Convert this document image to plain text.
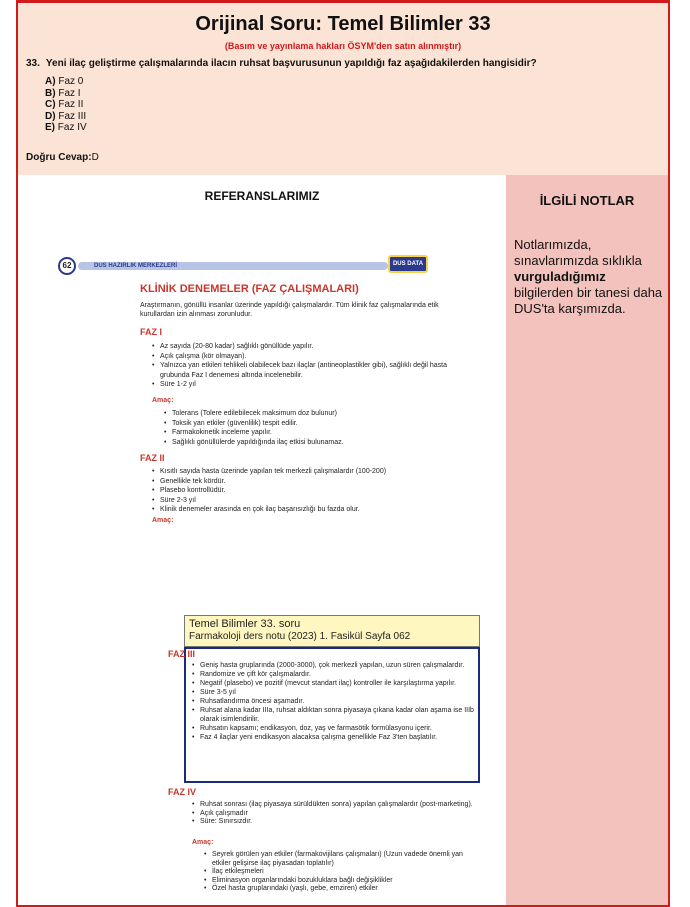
Orijinal Soru: Temel Bilimler 33
(Basım ve yayınlama hakları ÖSYM'den satın alınmıştır)
33. Yeni ilaç geliştirme çalışmalarında ilacın ruhsat başvurusunun yapıldığı faz aşağıdakilerden hangisidir?
A) Faz 0
B) Faz I
C) Faz II
D) Faz III
E) Faz IV
Doğru Cevap:D
REFERANSLARIMIZ
62	DUS HAZIRLIK MERKEZLERİ	DUS DATA
KLİNİK DENEMELER (FAZ ÇALIŞMALARI)
Araştırmanın, gönüllü insanlar üzerinde yapıldığı çalışmalardır. Tüm klinik faz çalışmalarında etik kurullardan izin alınması zorunludur.
FAZ I
• Az sayıda (20-80 kadar) sağlıklı gönüllüde yapılır.
• Açık çalışma (kör olmayan).
• Yalnızca yan etkileri tehlikeli olabilecek bazı ilaçlar (antineoplastikler gibi), sağlıklı değil hasta grubunda Faz I denemesi altında incelenebilir.
• Süre 1-2 yıl
Amaç:
• Tolerans (Tolere edilebilecek maksimum doz bulunur)
• Toksik yan etkiler (güvenlilik) tespit edilir.
• Farmakokinetik inceleme yapılır.
• Sağlıklı gönüllülerde yapıldığında ilaç etkisi bulunamaz.
FAZ II
• Kısıtlı sayıda hasta üzerinde yapılan tek merkezli çalışmalardır (100-200)
• Genellikle tek kördür.
• Plasebo kontrollüdür.
• Süre 2-3 yıl
• Klinik denemeler arasında en çok ilaç başarısızlığı bu fazda olur.
Amaç:
Temel Bilimler 33. soru
Farmakoloji ders notu (2023) 1. Fasikül Sayfa 062
FAZ III
• Geniş hasta gruplarında (2000-3000), çok merkezli yapılan, uzun süren çalışmalardır.
• Randomize ve çift kör çalışmalardır.
• Negatif (plasebo) ve pozitif (mevcut standart ilaç) kontroller ile karşılaştırma yapılır.
• Süre 3-5 yıl
• Ruhsatlandırma öncesi aşamadır.
• Ruhsat alana kadar IIIa, ruhsat aldıktan sonra piyasaya çıkana kadar olan aşama ise IIIb olarak isimlendirilir.
• Ruhsatın kapsamı; endikasyon, doz, yaş ve farmasötik formülasyonu içerir.
• Faz 4 ilaçlar yeni endikasyon alacaksa çalışma genellikle Faz 3'ten başlatılır.
FAZ IV
• Ruhsat sonrası (ilaç piyasaya sürüldükten sonra) yapılan çalışmalardır (post-marketing).
• Açık çalışmadır
• Süre: Sınırsızdır.
Amaç:
• Seyrek görülen yan etkiler (farmakovijilans çalışmaları) (Uzun vadede önemli yan etkiler gelişirse ilaç piyasadan toplatılır)
• İlaç etkileşmeleri
• Eliminasyon organlarındaki bozukluklara bağlı değişiklikler
• Özel hasta gruplarındaki (yaşlı, gebe, emziren) etkiler
İLGİLİ NOTLAR
Notlarımızda, sınavlarımızda sıklıkla vurguladığımız bilgilerden bir tanesi daha DUS'ta karşımızda.
